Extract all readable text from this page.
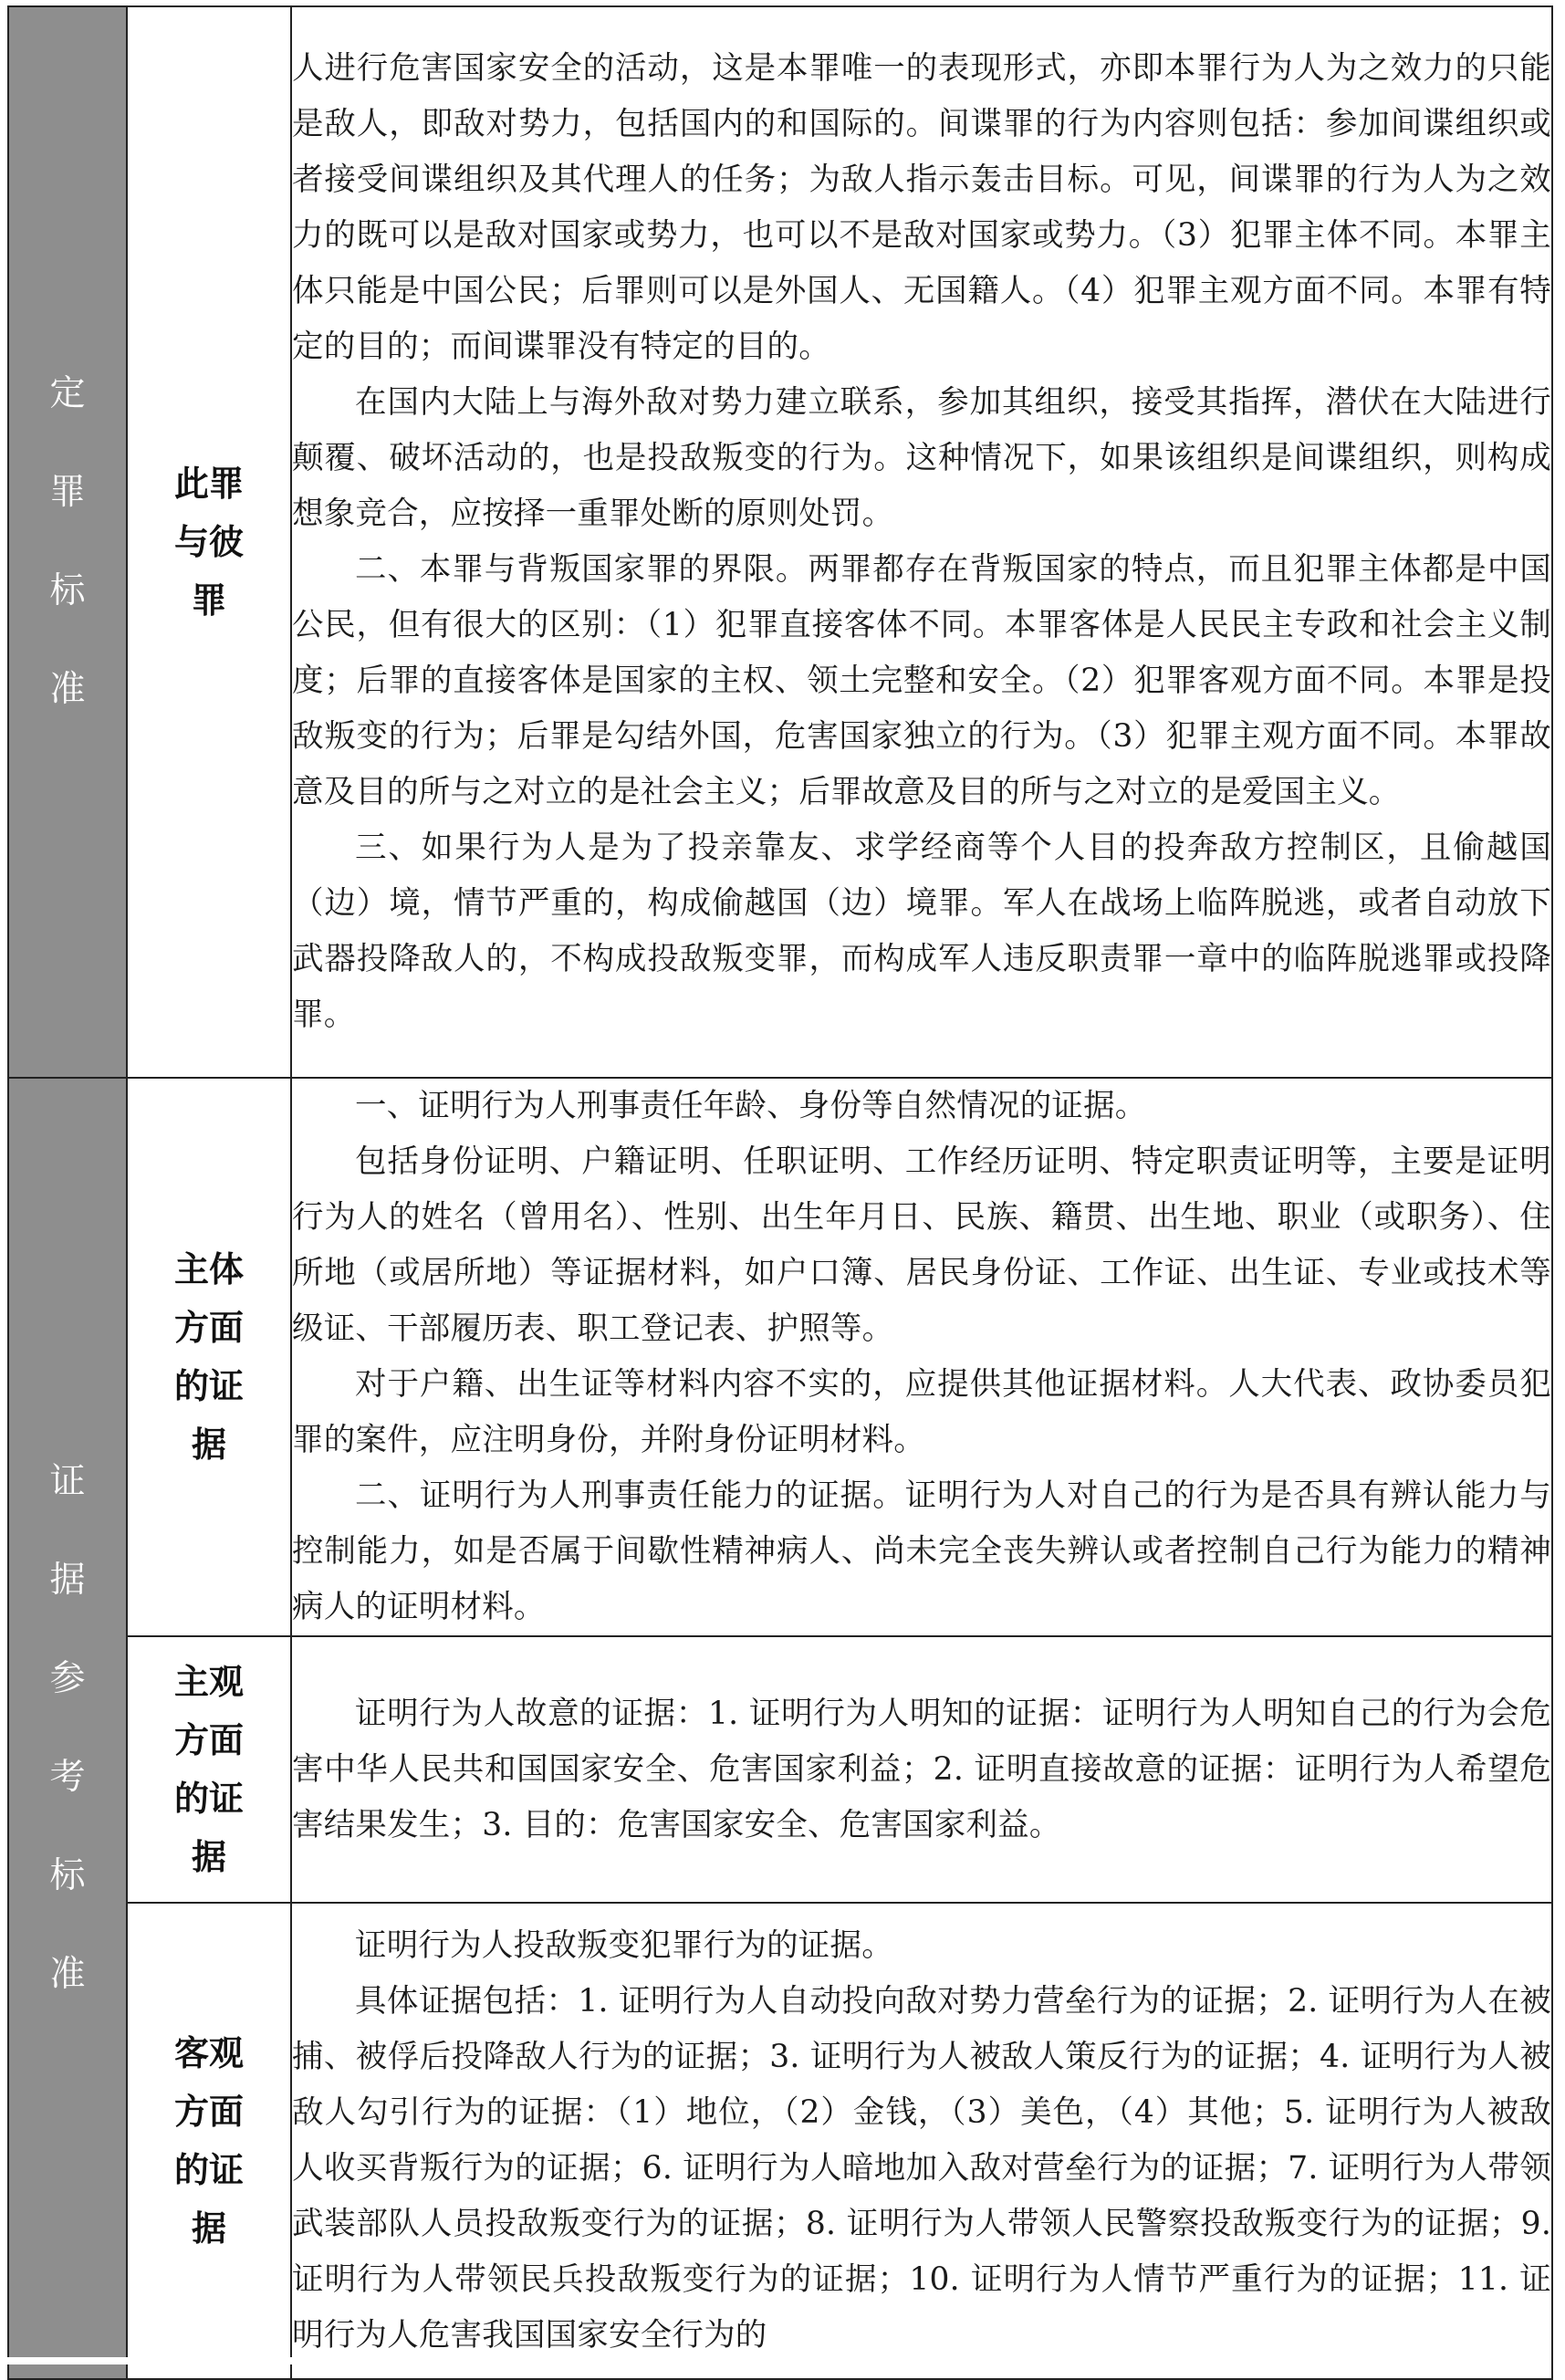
定罪标准	此罪与彼罪	人进行危害国家安全的活动，这是本罪唯一的表现形式，亦即本罪行为人为之效力的只能是敌人，即敌对势力，包括国内的和国际的。间谍罪的行为内容则包括：参加间谍组织或者接受间谍组织及其代理人的任务；为敌人指示轰击目标。可见，间谍罪的行为人为之效力的既可以是敌对国家或势力，也可以不是敌对国家或势力。（3）犯罪主体不同。本罪主体只能是中国公民；后罪则可以是外国人、无国籍人。（4）犯罪主观方面不同。本罪有特定的目的；而间谍罪没有特定的目的。

在国内大陆上与海外敌对势力建立联系，参加其组织，接受其指挥，潜伏在大陆进行颠覆、破坏活动的，也是投敌叛变的行为。这种情况下，如果该组织是间谍组织，则构成想象竞合，应按择一重罪处断的原则处罚。

二、本罪与背叛国家罪的界限。两罪都存在背叛国家的特点，而且犯罪主体都是中国公民，但有很大的区别：（1）犯罪直接客体不同。本罪客体是人民民主专政和社会主义制度；后罪的直接客体是国家的主权、领土完整和安全。（2）犯罪客观方面不同。本罪是投敌叛变的行为；后罪是勾结外国，危害国家独立的行为。（3）犯罪主观方面不同。本罪故意及目的所与之对立的是社会主义；后罪故意及目的所与之对立的是爱国主义。

三、如果行为人是为了投亲靠友、求学经商等个人目的投奔敌方控制区，且偷越国（边）境，情节严重的，构成偷越国（边）境罪。军人在战场上临阵脱逃，或者自动放下武器投降敌人的，不构成投敌叛变罪，而构成军人违反职责罪一章中的临阵脱逃罪或投降罪。

证据参考标准	主体方面的证据	一、证明行为人刑事责任年龄、身份等自然情况的证据。

包括身份证明、户籍证明、任职证明、工作经历证明、特定职责证明等，主要是证明行为人的姓名（曾用名）、性别、出生年月日、民族、籍贯、出生地、职业（或职务）、住所地（或居所地）等证据材料，如户口簿、居民身份证、工作证、出生证、专业或技术等级证、干部履历表、职工登记表、护照等。

对于户籍、出生证等材料内容不实的，应提供其他证据材料。人大代表、政协委员犯罪的案件，应注明身份，并附身份证明材料。

二、证明行为人刑事责任能力的证据。证明行为人对自己的行为是否具有辨认能力与控制能力，如是否属于间歇性精神病人、尚未完全丧失辨认或者控制自己行为能力的精神病人的证明材料。

	主观方面的证据	证明行为人故意的证据：1. 证明行为人明知的证据：证明行为人明知自己的行为会危害中华人民共和国国家安全、危害国家利益；2. 证明直接故意的证据：证明行为人希望危害结果发生；3. 目的：危害国家安全、危害国家利益。

	客观方面的证据	证明行为人投敌叛变犯罪行为的证据。

具体证据包括：1. 证明行为人自动投向敌对势力营垒行为的证据；2. 证明行为人在被捕、被俘后投降敌人行为的证据；3. 证明行为人被敌人策反行为的证据；4. 证明行为人被敌人勾引行为的证据：（1）地位，（2）金钱，（3）美色，（4）其他；5. 证明行为人被敌人收买背叛行为的证据；6. 证明行为人暗地加入敌对营垒行为的证据；7. 证明行为人带领武装部队人员投敌叛变行为的证据；8. 证明行为人带领人民警察投敌叛变行为的证据；9. 证明行为人带领民兵投敌叛变行为的证据；10. 证明行为人情节严重行为的证据；11. 证明行为人危害我国国家安全行为的
